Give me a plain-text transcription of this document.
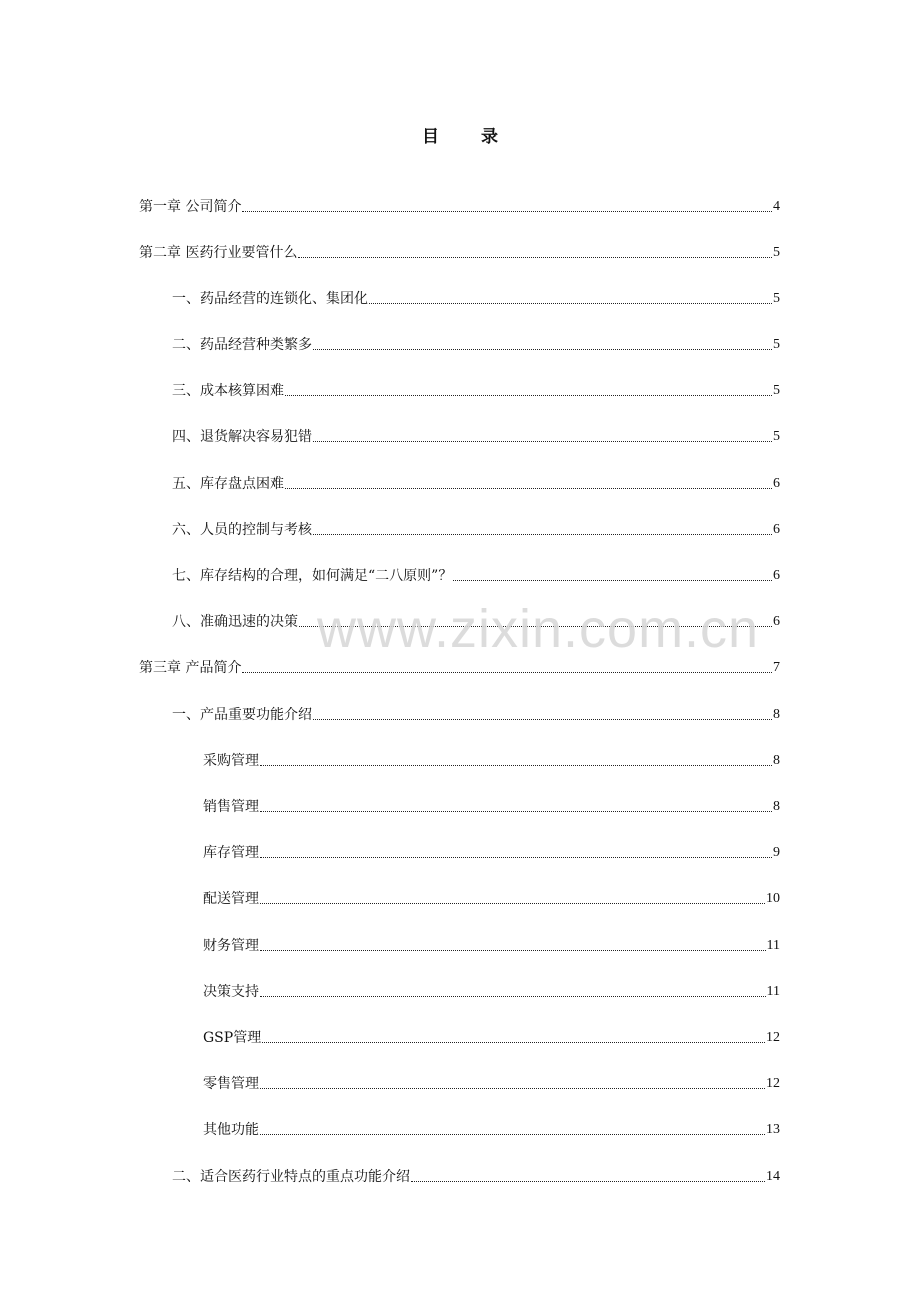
目 录
第一章 公司简介	4
第二章 医药行业要管什么	5
一、药品经营的连锁化、集团化	5
二、药品经营种类繁多	5
三、成本核算困难	5
四、退货解决容易犯错	5
五、库存盘点困难	6
六、人员的控制与考核	6
七、库存结构的合理，如何满足“二八原则”？	6
八、准确迅速的决策	6
第三章 产品简介	7
一、产品重要功能介绍	8
采购管理	8
销售管理	8
库存管理	9
配送管理	10
财务管理	11
决策支持	11
GSP管理	12
零售管理	12
其他功能	13
二、适合医药行业特点的重点功能介绍	14
www.zixin.com.cn
